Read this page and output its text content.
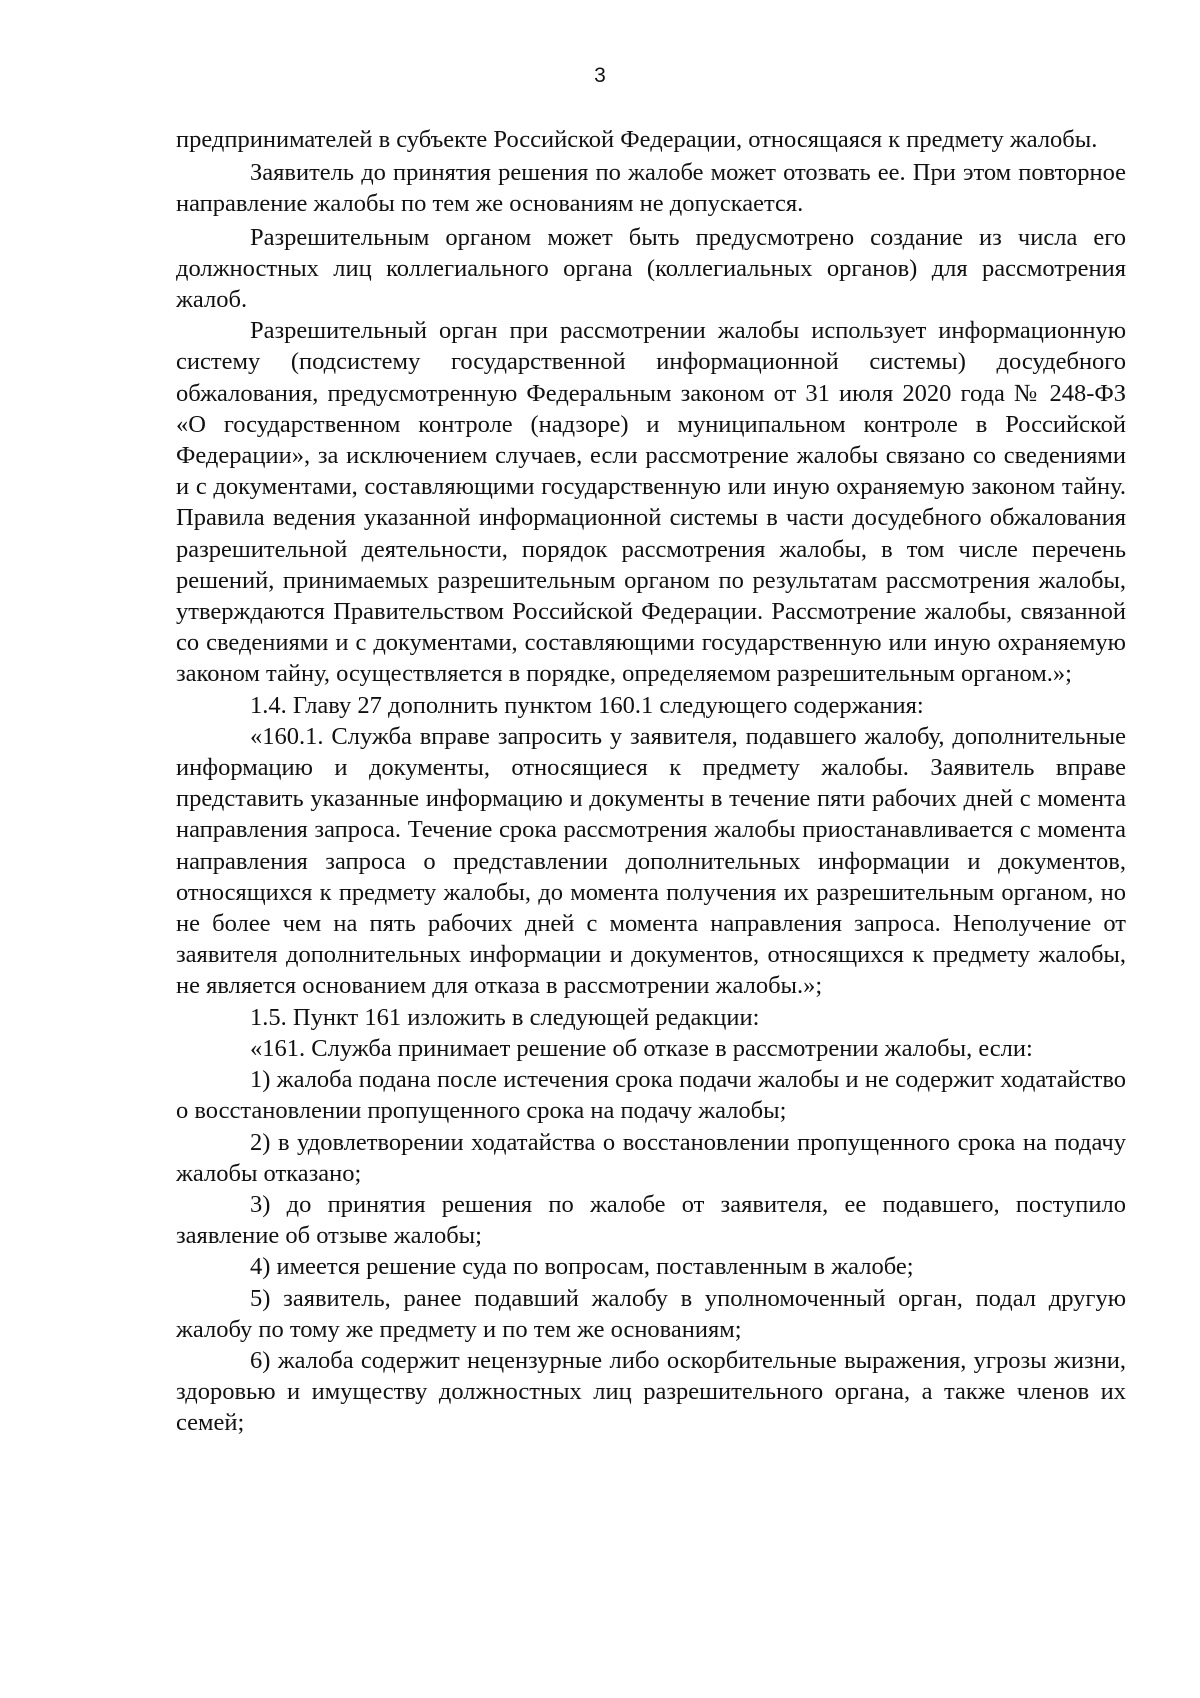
3

предпринимателей в субъекте Российской Федерации, относящаяся к предмету жалобы.

Заявитель до принятия решения по жалобе может отозвать ее. При этом повторное направление жалобы по тем же основаниям не допускается.

Разрешительным органом может быть предусмотрено создание из числа его должностных лиц коллегиального органа (коллегиальных органов) для рассмотрения жалоб.

Разрешительный орган при рассмотрении жалобы использует информационную систему (подсистему государственной информационной системы) досудебного обжалования, предусмотренную Федеральным законом от 31 июля 2020 года № 248-ФЗ «О государственном контроле (надзоре) и муниципальном контроле в Российской Федерации», за исключением случаев, если рассмотрение жалобы связано со сведениями и с документами, составляющими государственную или иную охраняемую законом тайну. Правила ведения указанной информационной системы в части досудебного обжалования разрешительной деятельности, порядок рассмотрения жалобы, в том числе перечень решений, принимаемых разрешительным органом по результатам рассмотрения жалобы, утверждаются Правительством Российской Федерации. Рассмотрение жалобы, связанной со сведениями и с документами, составляющими государственную или иную охраняемую законом тайну, осуществляется в порядке, определяемом разрешительным органом.»;

1.4. Главу 27 дополнить пунктом 160.1 следующего содержания:

«160.1. Служба вправе запросить у заявителя, подавшего жалобу, дополнительные информацию и документы, относящиеся к предмету жалобы. Заявитель вправе представить указанные информацию и документы в течение пяти рабочих дней с момента направления запроса. Течение срока рассмотрения жалобы приостанавливается с момента направления запроса о представлении дополнительных информации и документов, относящихся к предмету жалобы, до момента получения их разрешительным органом, но не более чем на пять рабочих дней с момента направления запроса. Неполучение от заявителя дополнительных информации и документов, относящихся к предмету жалобы, не является основанием для отказа в рассмотрении жалобы.»;

1.5. Пункт 161 изложить в следующей редакции:

«161. Служба принимает решение об отказе в рассмотрении жалобы, если:

1) жалоба подана после истечения срока подачи жалобы и не содержит ходатайство о восстановлении пропущенного срока на подачу жалобы;

2) в удовлетворении ходатайства о восстановлении пропущенного срока на подачу жалобы отказано;

3) до принятия решения по жалобе от заявителя, ее подавшего, поступило заявление об отзыве жалобы;

4) имеется решение суда по вопросам, поставленным в жалобе;

5) заявитель, ранее подавший жалобу в уполномоченный орган, подал другую жалобу по тому же предмету и по тем же основаниям;

6) жалоба содержит нецензурные либо оскорбительные выражения, угрозы жизни, здоровью и имуществу должностных лиц разрешительного органа, а также членов их семей;
